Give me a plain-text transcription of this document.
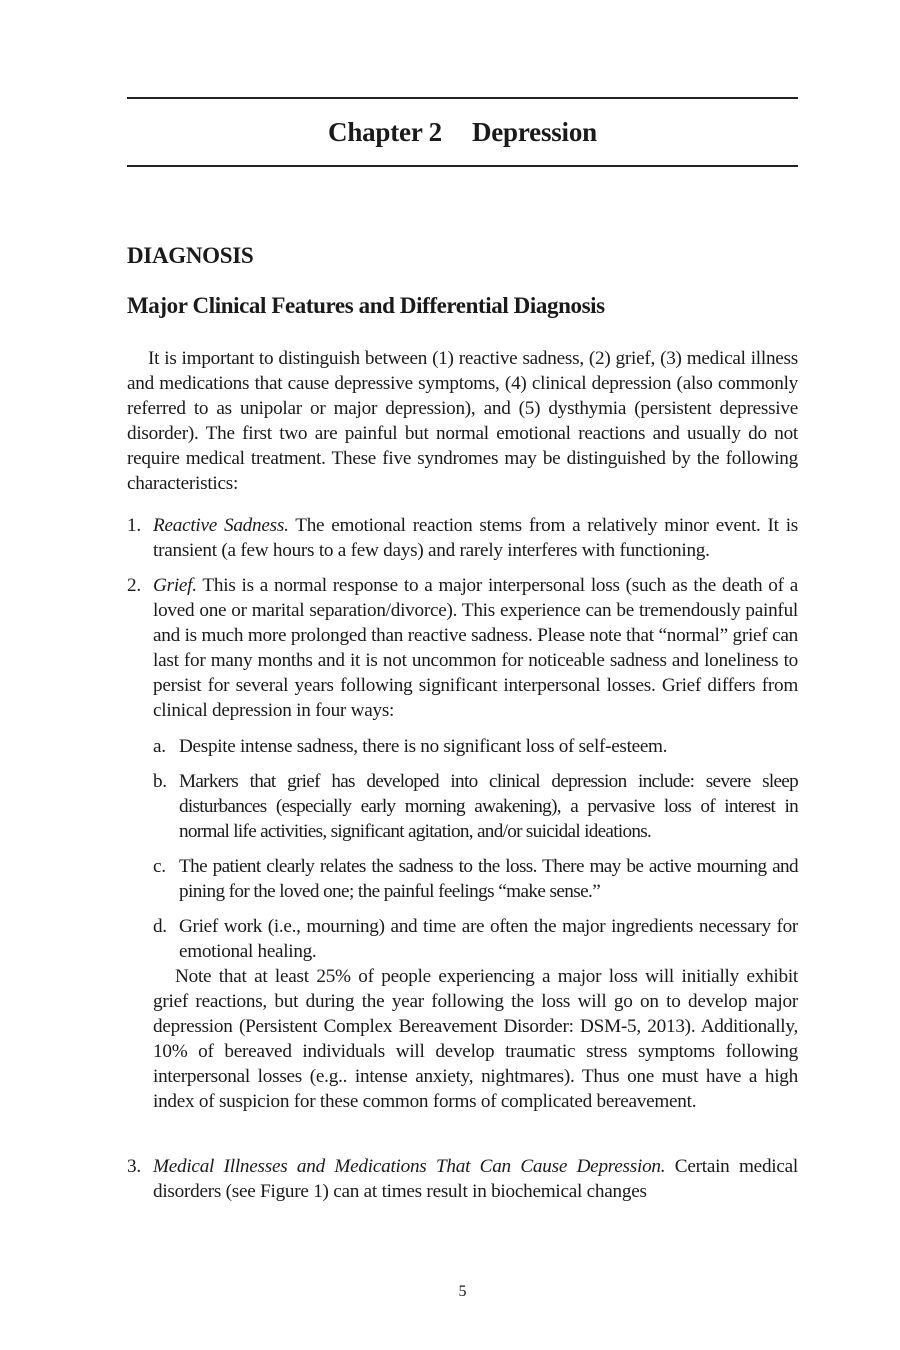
Chapter 2 Depression
DIAGNOSIS
Major Clinical Features and Differential Diagnosis
It is important to distinguish between (1) reactive sadness, (2) grief, (3) medical illness and medications that cause depressive symptoms, (4) clinical depression (also commonly referred to as unipolar or major depression), and (5) dysthymia (persistent depressive disorder). The first two are painful but normal emotional reactions and usually do not require medical treatment. These five syndromes may be distinguished by the following characteristics:
1. Reactive Sadness. The emotional reaction stems from a relatively minor event. It is transient (a few hours to a few days) and rarely interferes with functioning.
2. Grief. This is a normal response to a major interpersonal loss (such as the death of a loved one or marital separation/divorce). This experience can be tremendously painful and is much more prolonged than reactive sadness. Please note that “normal” grief can last for many months and it is not uncommon for noticeable sadness and loneliness to persist for several years following significant interpersonal losses. Grief differs from clinical depression in four ways:
a. Despite intense sadness, there is no significant loss of self-esteem.
b. Markers that grief has developed into clinical depression include: severe sleep disturbances (especially early morning awakening), a pervasive loss of interest in normal life activities, significant agitation, and/or suicidal ideations.
c. The patient clearly relates the sadness to the loss. There may be active mourning and pining for the loved one; the painful feelings “make sense.”
d. Grief work (i.e., mourning) and time are often the major ingredients necessary for emotional healing.
Note that at least 25% of people experiencing a major loss will initially exhibit grief reactions, but during the year following the loss will go on to develop major depression (Persistent Complex Bereavement Disorder: DSM-5, 2013). Additionally, 10% of bereaved individuals will develop traumatic stress symptoms following interpersonal losses (e.g.. intense anxiety, nightmares). Thus one must have a high index of suspicion for these common forms of complicated bereavement.
3. Medical Illnesses and Medications That Can Cause Depression. Certain medical disorders (see Figure 1) can at times result in biochemical changes
5
